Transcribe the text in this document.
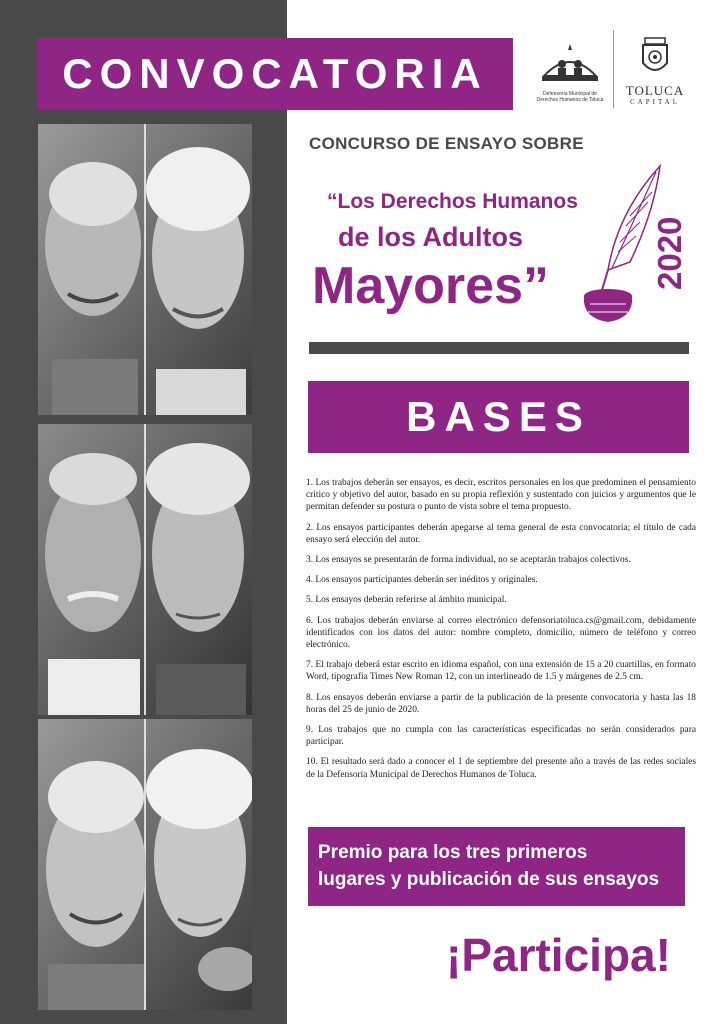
CONVOCATORIA	Defensoría Municipal de Derechos Humanos de Toluca
TOLUCA
CAPITAL
CONCURSO DE ENSAYO SOBRE
“Los Derechos Humanos
de los Adultos
Mayores”	2020
BASES
1. Los trabajos deberán ser ensayos, es decir, escritos personales en los que predominen el pensamiento crítico y objetivo del autor, basado en su propia reflexión y sustentado con juicios y argumentos que le permitan defender su postura o punto de vista sobre el tema propuesto.
2. Los ensayos participantes deberán apegarse al tema general de esta convocatoria; el título de cada ensayo será elección del autor.
3. Los ensayos se presentarán de forma individual, no se aceptarán trabajos colectivos.
4. Los ensayos participantes deberán ser inéditos y originales.
5. Los ensayos deberán referirse al ámbito municipal.
6. Los trabajos deberán enviarse al correo electrónico defensoriatoluca.cs@gmail.com, debidamente identificados con los datos del autor: nombre completo, domicilio, número de teléfono y correo electrónico.
7. El trabajo deberá estar escrito en idioma español, con una extensión de 15 a 20 cuartillas, en formato Word, tipografía Times New Roman 12, con un interlineado de 1.5 y márgenes de 2.5 cm.
8. Los ensayos deberán enviarse a partir de la publicación de la presente convocatoria y hasta las 18 horas del 25 de junio de 2020.
9. Los trabajos que no cumpla con las características especificadas no serán considerados para participar.
10. El resultado será dado a conocer el 1 de septiembre del presente año a través de las redes sociales de la Defensoría Municipal de Derechos Humanos de Toluca.
Premio para los tres primeros
lugares y publicación de sus ensayos
¡Participa!
